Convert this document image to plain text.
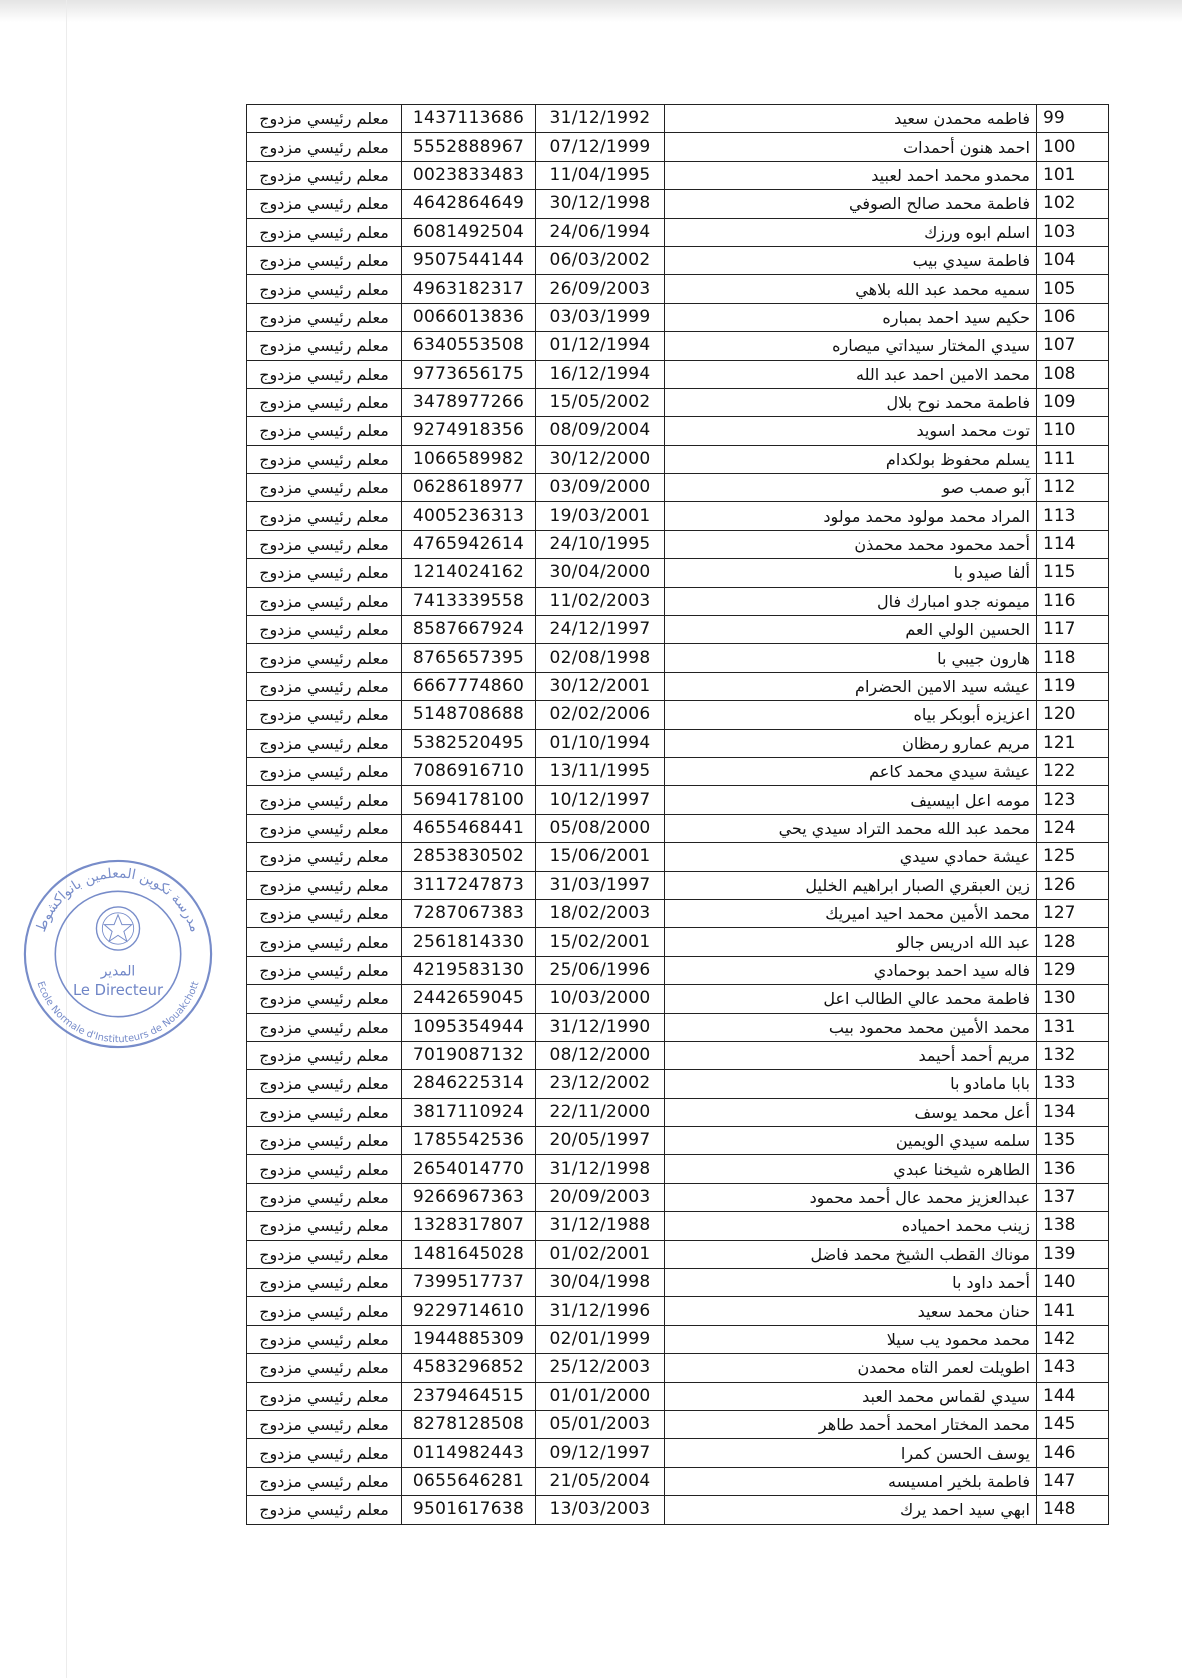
99	فاطمه محمدن سعيد	31/12/1992	1437113686	معلم رئيسي مزدوج
100	احمد هنون أحمدات	07/12/1999	5552888967	معلم رئيسي مزدوج
101	محمدو محمد احمد لعبيد	11/04/1995	0023833483	معلم رئيسي مزدوج
102	فاطمة محمد صالح الصوفي	30/12/1998	4642864649	معلم رئيسي مزدوج
103	اسلم ابوه ورزك	24/06/1994	6081492504	معلم رئيسي مزدوج
104	فاطمة سيدي بيب	06/03/2002	9507544144	معلم رئيسي مزدوج
105	سميه محمد عبد الله بلاهي	26/09/2003	4963182317	معلم رئيسي مزدوج
106	حكيم سيد احمد بمباره	03/03/1999	0066013836	معلم رئيسي مزدوج
107	سيدي المختار سيداتي ميصاره	01/12/1994	6340553508	معلم رئيسي مزدوج
108	محمد الامين احمد عبد الله	16/12/1994	9773656175	معلم رئيسي مزدوج
109	فاطمة محمد نوح بلال	15/05/2002	3478977266	معلم رئيسي مزدوج
110	توت محمد اسويد	08/09/2004	9274918356	معلم رئيسي مزدوج
111	يسلم محفوظ بولكدام	30/12/2000	1066589982	معلم رئيسي مزدوج
112	آبو صمب صو	03/09/2000	0628618977	معلم رئيسي مزدوج
113	المراد محمد مولود محمد مولود	19/03/2001	4005236313	معلم رئيسي مزدوج
114	أحمد محمود محمد محمذن	24/10/1995	4765942614	معلم رئيسي مزدوج
115	ألفا صيدو با	30/04/2000	1214024162	معلم رئيسي مزدوج
116	ميمونه جدو امبارك فال	11/02/2003	7413339558	معلم رئيسي مزدوج
117	الحسين الولي العم	24/12/1997	8587667924	معلم رئيسي مزدوج
118	هارون جيبي با	02/08/1998	8765657395	معلم رئيسي مزدوج
119	عيشه سيد الامين الحضرام	30/12/2001	6667774860	معلم رئيسي مزدوج
120	اعزيزه أبوبكر بياه	02/02/2006	5148708688	معلم رئيسي مزدوج
121	مريم عمارو رمظان	01/10/1994	5382520495	معلم رئيسي مزدوج
122	عيشة سيدي محمد كاعم	13/11/1995	7086916710	معلم رئيسي مزدوج
123	مومه اعل ابيسيف	10/12/1997	5694178100	معلم رئيسي مزدوج
124	محمد عبد الله محمد التراد سيدي يحي	05/08/2000	4655468441	معلم رئيسي مزدوج
125	عيشة حمادي سيدي	15/06/2001	2853830502	معلم رئيسي مزدوج
126	زين العبقري الصبار ابراهيم الخليل	31/03/1997	3117247873	معلم رئيسي مزدوج
127	محمد الأمين محمد احيد اميريك	18/02/2003	7287067383	معلم رئيسي مزدوج
128	عبد الله ادريس جالو	15/02/2001	2561814330	معلم رئيسي مزدوج
129	فاله سيد احمد بوحمادي	25/06/1996	4219583130	معلم رئيسي مزدوج
130	فاطمة محمد عالي الطالب اعل	10/03/2000	2442659045	معلم رئيسي مزدوج
131	محمد الأمين محمد محمود بيب	31/12/1990	1095354944	معلم رئيسي مزدوج
132	مريم أحمد أحيمد	08/12/2000	7019087132	معلم رئيسي مزدوج
133	بابا مامادو با	23/12/2002	2846225314	معلم رئيسي مزدوج
134	أعل محمد يوسف	22/11/2000	3817110924	معلم رئيسي مزدوج
135	سلمه سيدي الويمين	20/05/1997	1785542536	معلم رئيسي مزدوج
136	الطاهره شيخنا عبدي	31/12/1998	2654014770	معلم رئيسي مزدوج
137	عبدالعزيز محمد عال أحمد محمود	20/09/2003	9266967363	معلم رئيسي مزدوج
138	زينب محمد احمياده	31/12/1988	1328317807	معلم رئيسي مزدوج
139	موناك القطب الشيخ محمد فاضل	01/02/2001	1481645028	معلم رئيسي مزدوج
140	أحمد داود با	30/04/1998	7399517737	معلم رئيسي مزدوج
141	حنان محمد سعيد	31/12/1996	9229714610	معلم رئيسي مزدوج
142	محمد محمود يب سيلا	02/01/1999	1944885309	معلم رئيسي مزدوج
143	اطويلت لعمر التاه محمدن	25/12/2003	4583296852	معلم رئيسي مزدوج
144	سيدي لقماس محمد العبد	01/01/2000	2379464515	معلم رئيسي مزدوج
145	محمد المختار امحمد أحمد طاهر	05/01/2003	8278128508	معلم رئيسي مزدوج
146	يوسف الحسن كمرا	09/12/1997	0114982443	معلم رئيسي مزدوج
147	فاطمة بلخير امسيسه	21/05/2004	0655646281	معلم رئيسي مزدوج
148	ابهي سيد احمد يرك	13/03/2003	9501617638	معلم رئيسي مزدوج
مدرسة تكوين المعلمين بانواكشوط
Ecole Normale d'Instituteurs de Nouakchott
المدير
Le Directeur
